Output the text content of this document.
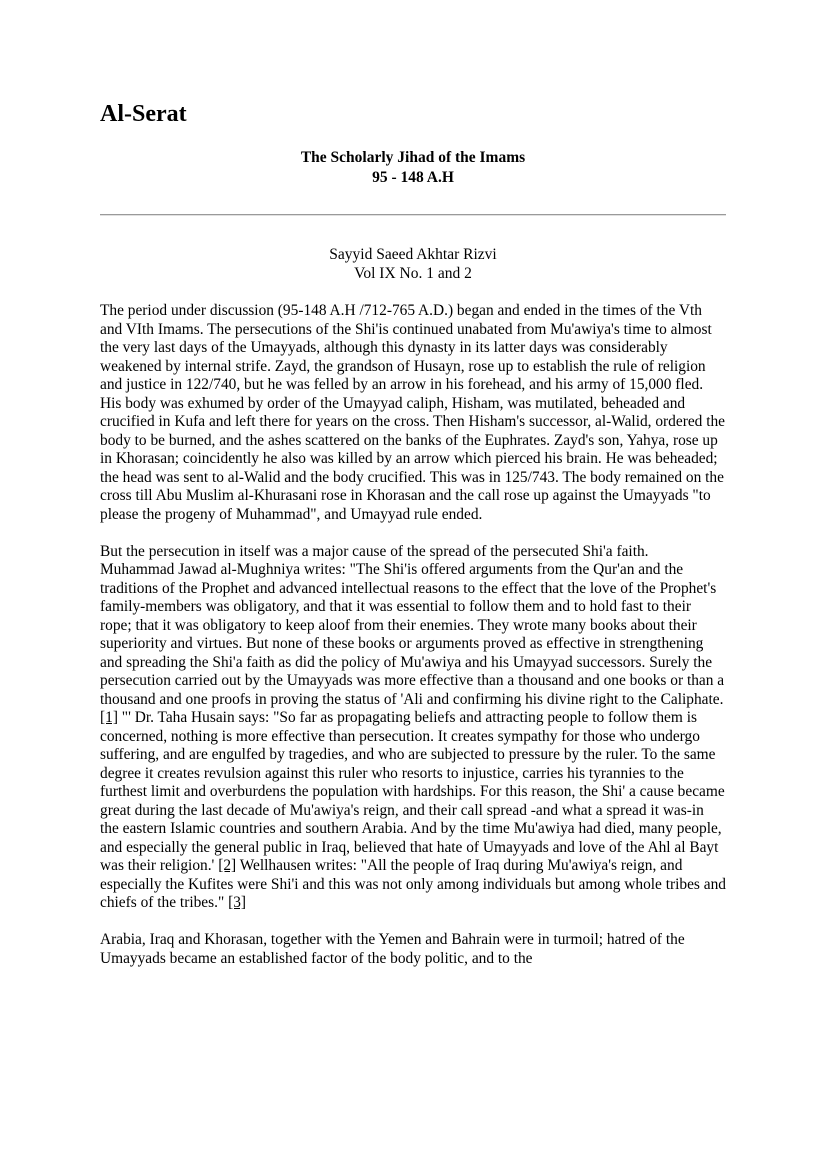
Al-Serat
The Scholarly Jihad of the Imams
95 - 148 A.H
Sayyid Saeed Akhtar Rizvi
Vol IX No. 1 and 2

The period under discussion (95-148 A.H /712-765 A.D.) began and ended in the times of the Vth and VIth Imams. The persecutions of the Shi'is continued unabated from Mu'awiya's time to almost the very last days of the Umayyads, although this dynasty in its latter days was considerably weakened by internal strife. Zayd, the grandson of Husayn, rose up to establish the rule of religion and justice in 122/740, but he was felled by an arrow in his forehead, and his army of 15,000 fled. His body was exhumed by order of the Umayyad caliph, Hisham, was mutilated, beheaded and crucified in Kufa and left there for years on the cross. Then Hisham's successor, al-Walid, ordered the body to be burned, and the ashes scattered on the banks of the Euphrates. Zayd's son, Yahya, rose up in Khorasan; coincidently he also was killed by an arrow which pierced his brain. He was beheaded; the head was sent to al-Walid and the body crucified. This was in 125/743. The body remained on the cross till Abu Muslim al-Khurasani rose in Khorasan and the call rose up against the Umayyads "to please the progeny of Muhammad", and Umayyad rule ended.

But the persecution in itself was a major cause of the spread of the persecuted Shi'a faith. Muhammad Jawad al-Mughniya writes: "The Shi'is offered arguments from the Qur'an and the traditions of the Prophet and advanced intellectual reasons to the effect that the love of the Prophet's family-members was obligatory, and that it was essential to follow them and to hold fast to their rope; that it was obligatory to keep aloof from their enemies. They wrote many books about their superiority and virtues. But none of these books or arguments proved as effective in strengthening and spreading the Shi'a faith as did the policy of Mu'awiya and his Umayyad successors. Surely the persecution carried out by the Umayyads was more effective than a thousand and one books or than a thousand and one proofs in proving the status of 'Ali and confirming his divine right to the Caliphate. [1] "' Dr. Taha Husain says: "So far as propagating beliefs and attracting people to follow them is concerned, nothing is more effective than persecution. It creates sympathy for those who undergo suffering, and are engulfed by tragedies, and who are subjected to pressure by the ruler. To the same degree it creates revulsion against this ruler who resorts to injustice, carries his tyrannies to the furthest limit and overburdens the population with hardships. For this reason, the Shi' a cause became great during the last decade of Mu'awiya's reign, and their call spread -and what a spread it was-in the eastern Islamic countries and southern Arabia. And by the time Mu'awiya had died, many people, and especially the general public in Iraq, believed that hate of Umayyads and love of the Ahl al Bayt was their religion.' [2] Wellhausen writes: "All the people of Iraq during Mu'awiya's reign, and especially the Kufites were Shi'i and this was not only among individuals but among whole tribes and chiefs of the tribes." [3]

Arabia, Iraq and Khorasan, together with the Yemen and Bahrain were in turmoil; hatred of the Umayyads became an established factor of the body politic, and to the
